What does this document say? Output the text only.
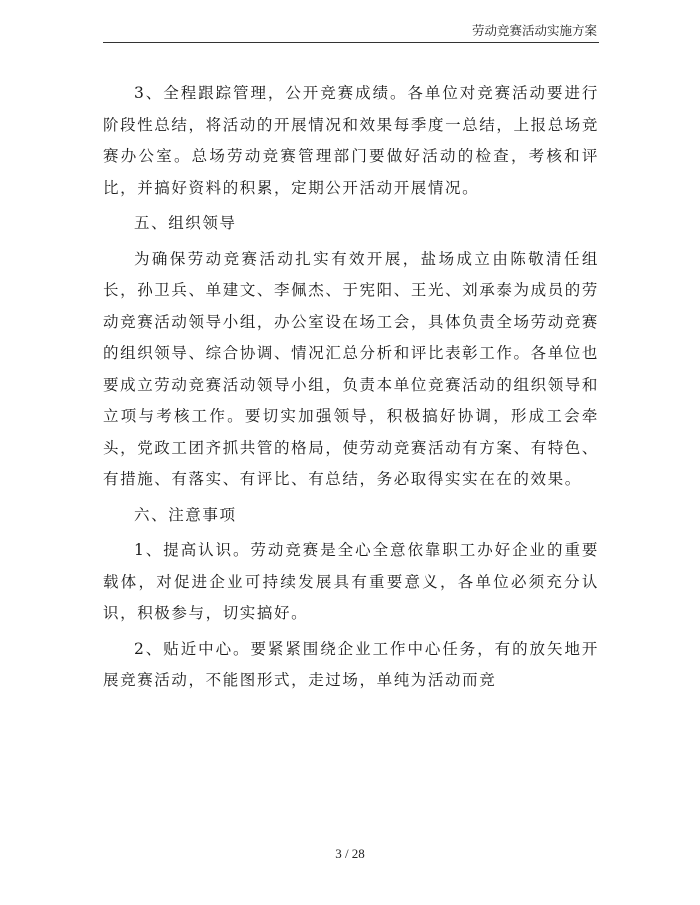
劳动竞赛活动实施方案

3、全程跟踪管理，公开竞赛成绩。各单位对竞赛活动要进行阶段性总结，将活动的开展情况和效果每季度一总结，上报总场竞赛办公室。总场劳动竞赛管理部门要做好活动的检查，考核和评比，并搞好资料的积累，定期公开活动开展情况。

五、组织领导

为确保劳动竞赛活动扎实有效开展，盐场成立由陈敬清任组长，孙卫兵、单建文、李佩杰、于宪阳、王光、刘承泰为成员的劳动竞赛活动领导小组，办公室设在场工会，具体负责全场劳动竞赛的组织领导、综合协调、情况汇总分析和评比表彰工作。各单位也要成立劳动竞赛活动领导小组，负责本单位竞赛活动的组织领导和立项与考核工作。要切实加强领导，积极搞好协调，形成工会牵头，党政工团齐抓共管的格局，使劳动竞赛活动有方案、有特色、有措施、有落实、有评比、有总结，务必取得实实在在的效果。

六、注意事项

1、提高认识。劳动竞赛是全心全意依靠职工办好企业的重要载体，对促进企业可持续发展具有重要意义，各单位必须充分认识，积极参与，切实搞好。

2、贴近中心。要紧紧围绕企业工作中心任务，有的放矢地开展竞赛活动，不能图形式，走过场，单纯为活动而竞

3 / 28
